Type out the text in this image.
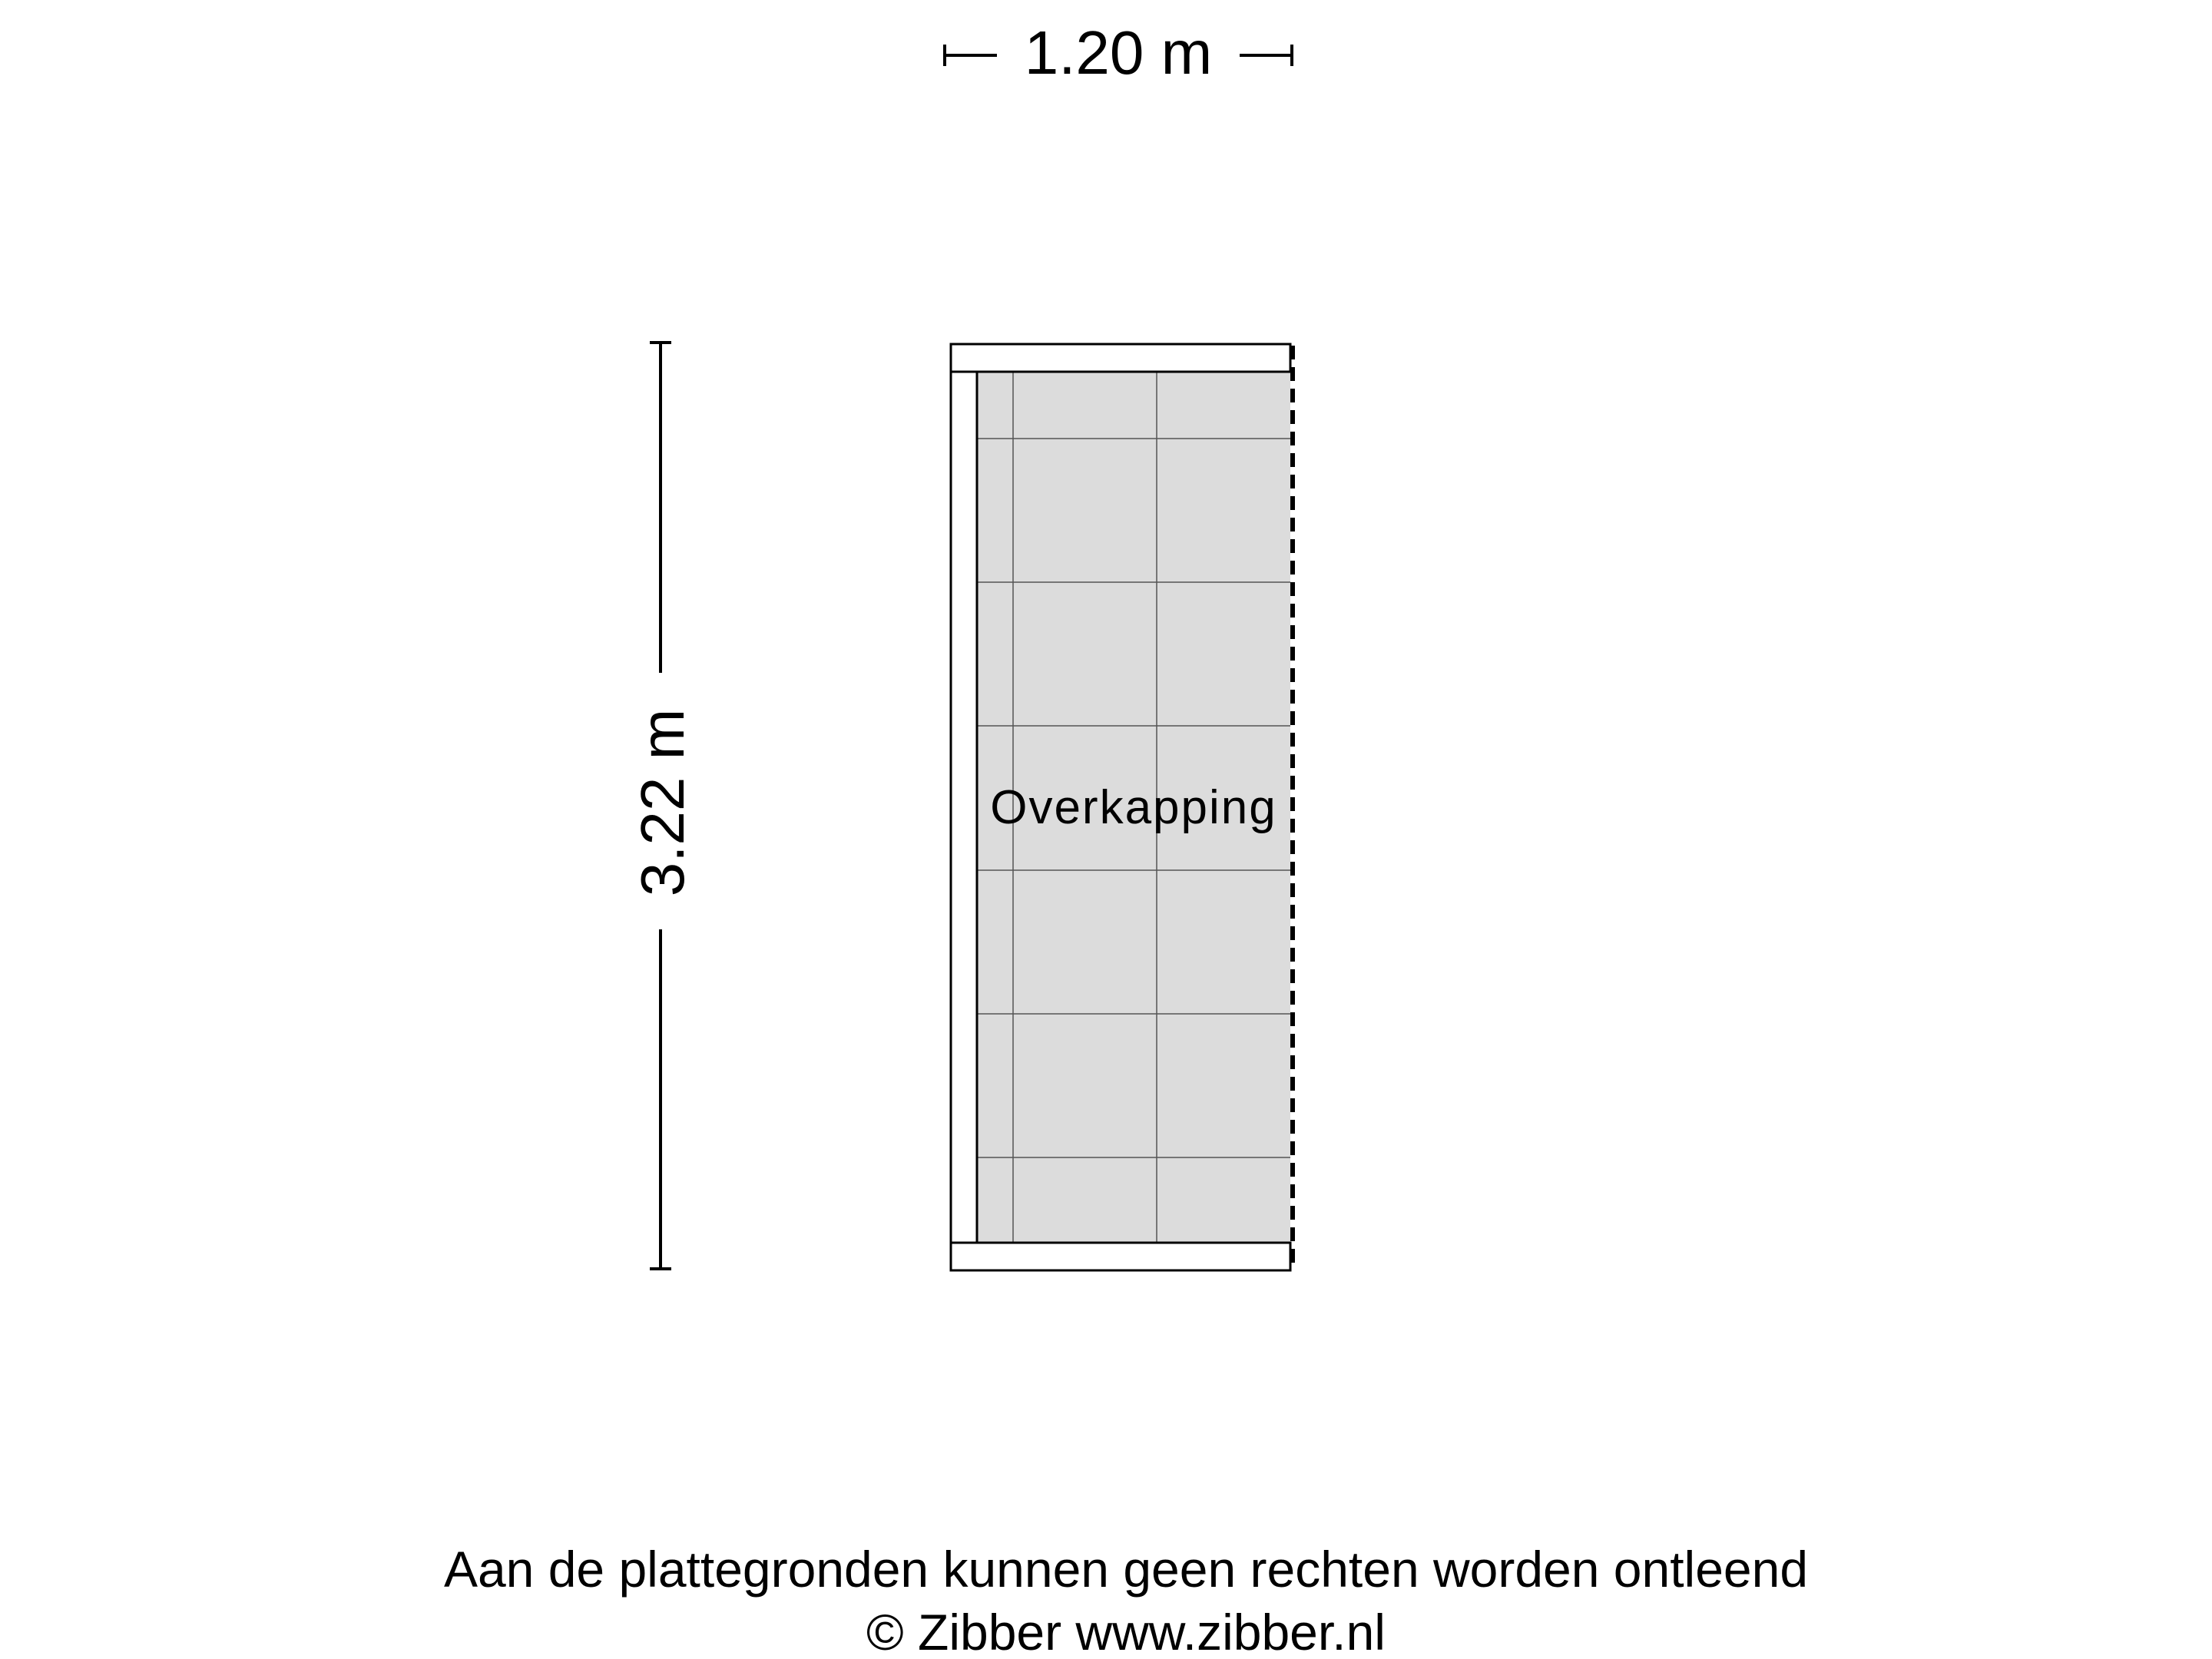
1.20 m
3.22 m	Overkapping
Aan de plattegronden kunnen geen rechten worden ontleend
© Zibber www.zibber.nl
